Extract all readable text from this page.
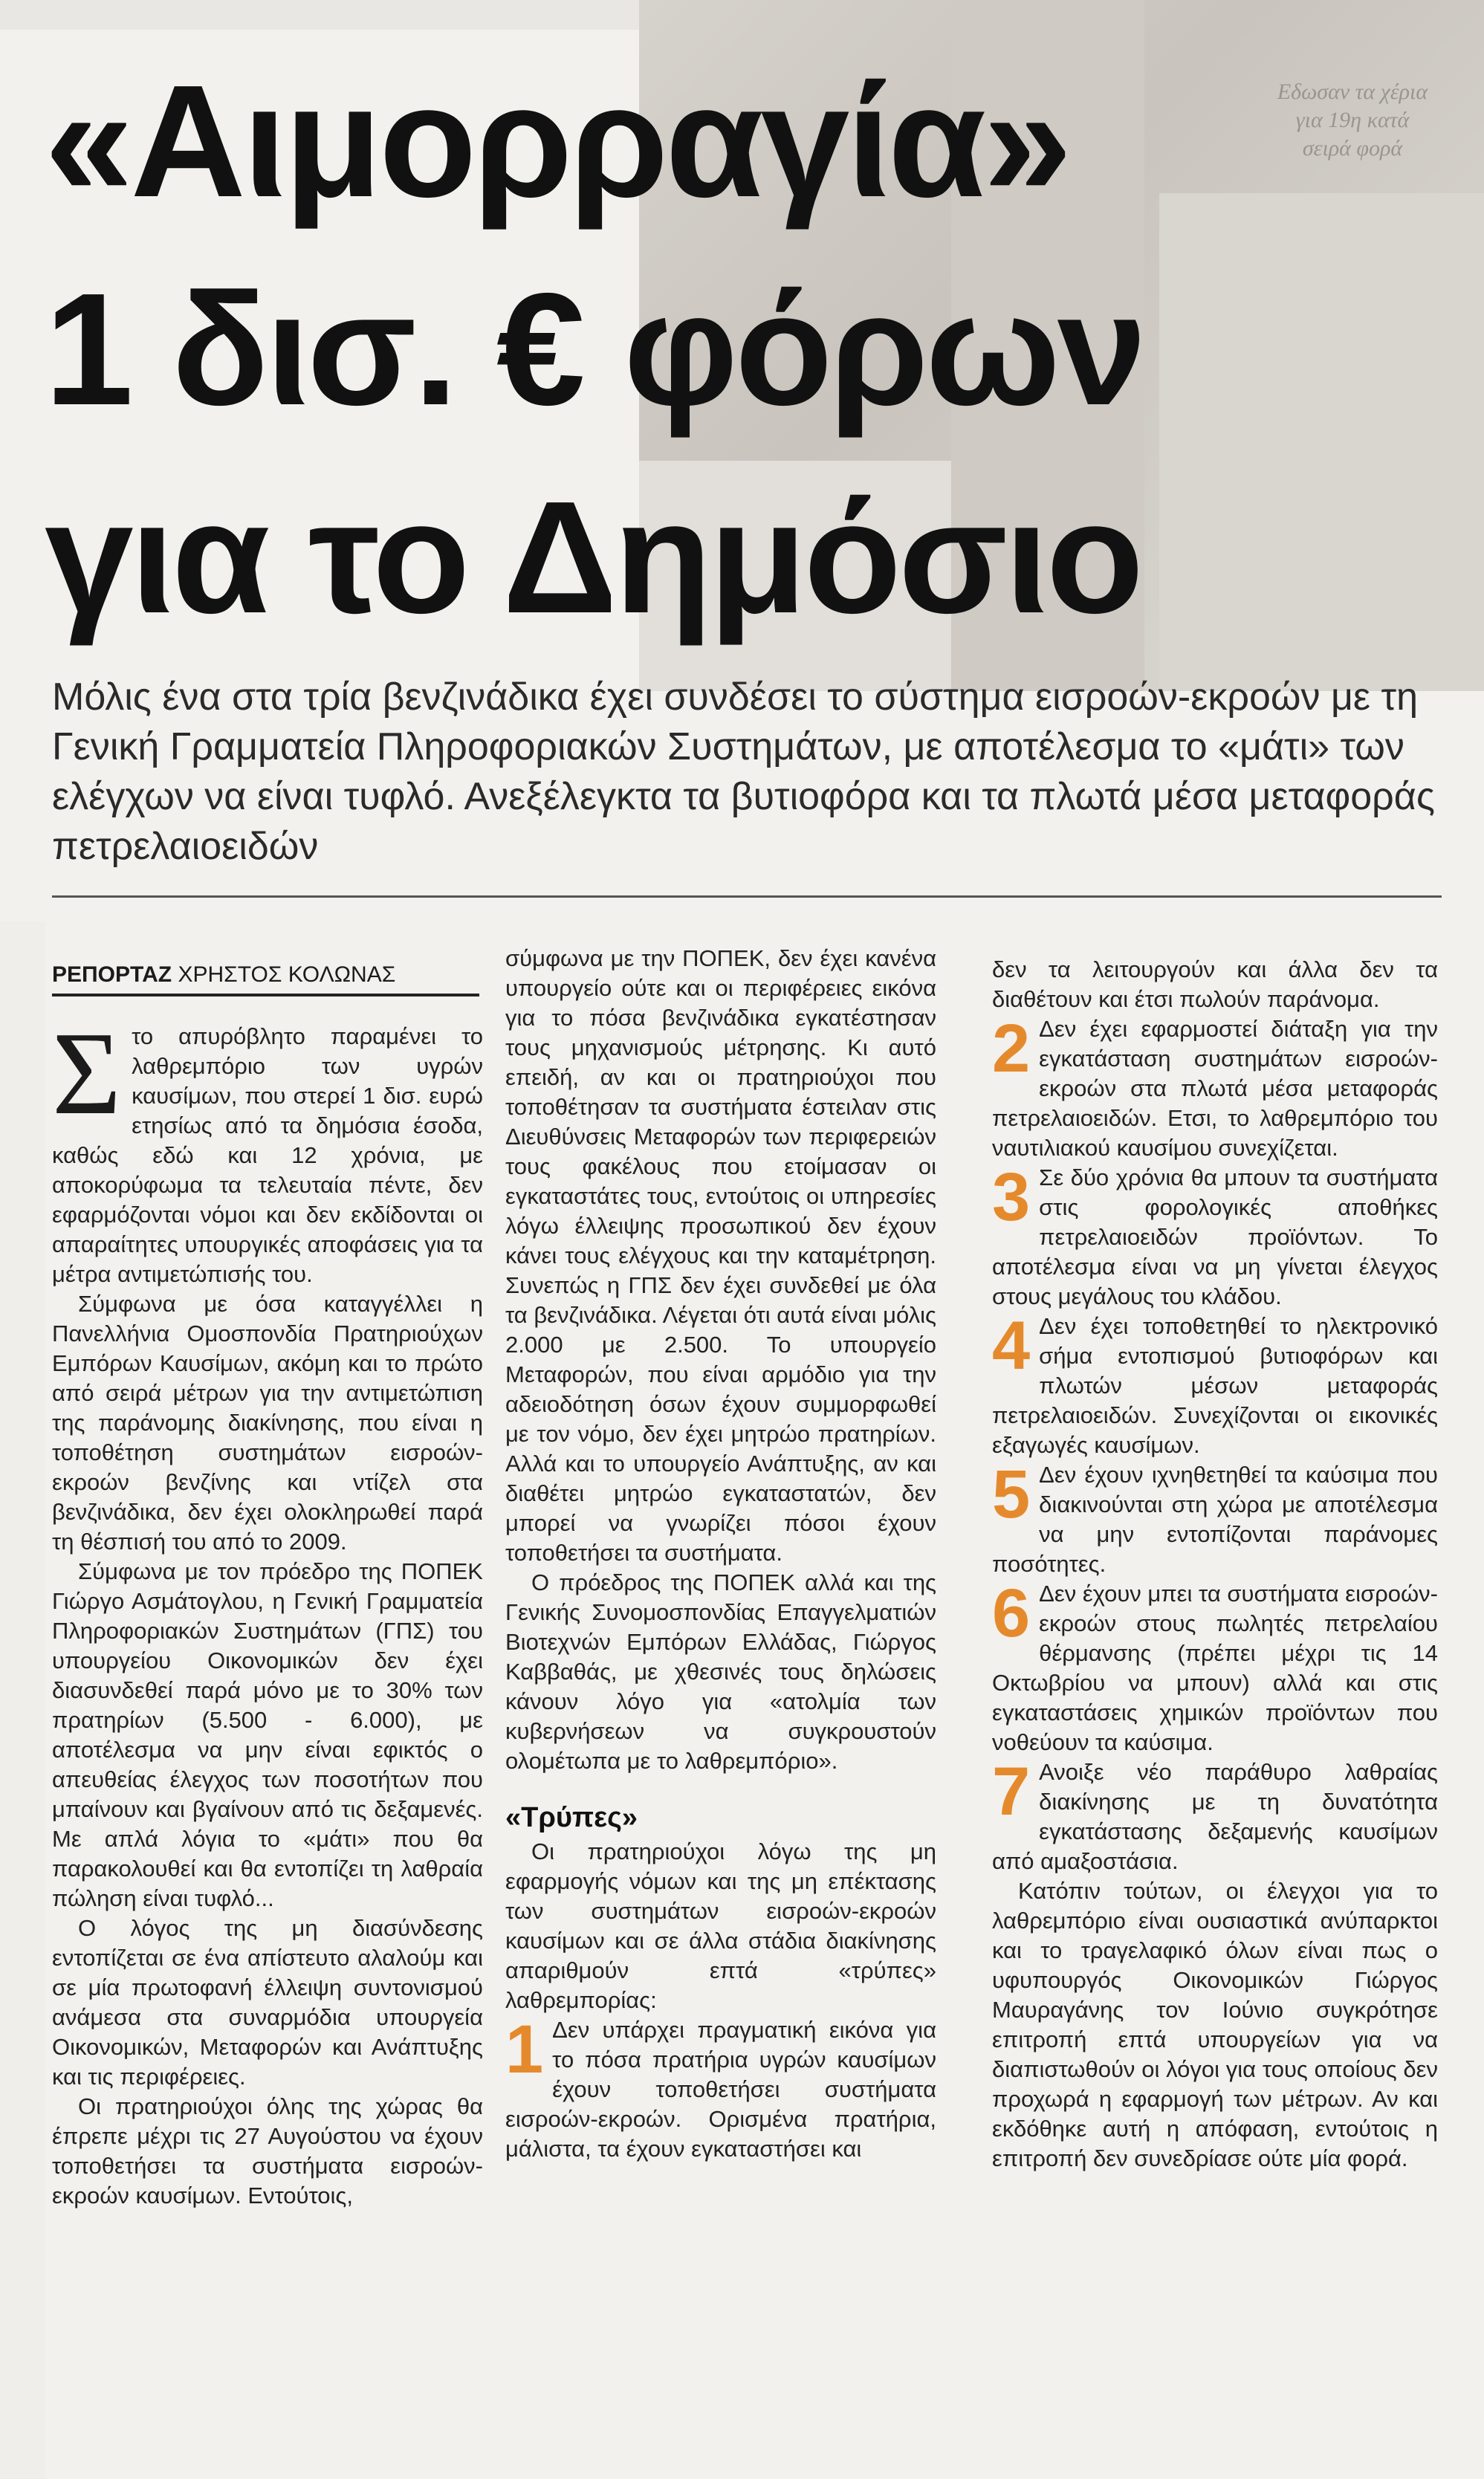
Εδωσαν τα χέρια για 19η κατά σειρά φορά
«Αιμορραγία»
1 δισ. € φόρων
για το Δημόσιο
Μόλις ένα στα τρία βενζινάδικα έχει συνδέσει το σύστημα εισροών-εκροών με τη Γενική Γραμματεία Πληροφοριακών Συστημάτων, με αποτέλεσμα το «μάτι» των ελέγχων να είναι τυφλό. Ανεξέλεγκτα τα βυτιοφόρα και τα πλωτά μέσα μεταφοράς πετρελαιοειδών
ΡΕΠΟΡΤΑΖ ΧΡΗΣΤΟΣ ΚΟΛΩΝΑΣ

Σ το απυρόβλητο παραμένει το λαθρεμπόριο των υγρών καυσίμων, που στερεί 1 δισ. ευρώ ετησίως από τα δημόσια έσοδα, καθώς εδώ και 12 χρόνια, με αποκορύφωμα τα τελευταία πέντε, δεν εφαρμόζονται νόμοι και δεν εκδίδονται οι απαραίτητες υπουργικές αποφάσεις για τα μέτρα αντιμετώπισής του.

Σύμφωνα με όσα καταγγέλλει η Πανελλήνια Ομοσπονδία Πρατηριούχων Εμπόρων Καυσίμων, ακόμη και το πρώτο από σειρά μέτρων για την αντιμετώπιση της παράνομης διακίνησης, που είναι η τοποθέτηση συστημάτων εισροών-εκροών βενζίνης και ντίζελ στα βενζινάδικα, δεν έχει ολοκληρωθεί παρά τη θέσπισή του από το 2009.

Σύμφωνα με τον πρόεδρο της ΠΟΠΕΚ Γιώργο Ασμάτογλου, η Γενική Γραμματεία Πληροφοριακών Συστημάτων (ΓΠΣ) του υπουργείου Οικονομικών δεν έχει διασυνδεθεί παρά μόνο με το 30% των πρατηρίων (5.500 - 6.000), με αποτέλεσμα να μην είναι εφικτός ο απευθείας έλεγχος των ποσοτήτων που μπαίνουν και βγαίνουν από τις δεξαμενές. Με απλά λόγια το «μάτι» που θα παρακολουθεί και θα εντοπίζει τη λαθραία πώληση είναι τυφλό...

Ο λόγος της μη διασύνδεσης εντοπίζεται σε ένα απίστευτο αλαλούμ και σε μία πρωτοφανή έλλειψη συντονισμού ανάμεσα στα συναρμόδια υπουργεία Οικονομικών, Μεταφορών και Ανάπτυξης και τις περιφέρειες.

Οι πρατηριούχοι όλης της χώρας θα έπρεπε μέχρι τις 27 Αυγούστου να έχουν τοποθετήσει τα συστήματα εισροών-εκροών καυσίμων. Εντούτοις,

σύμφωνα με την ΠΟΠΕΚ, δεν έχει κανένα υπουργείο ούτε και οι περιφέρειες εικόνα για το πόσα βενζινάδικα εγκατέστησαν τους μηχανισμούς μέτρησης. Κι αυτό επειδή, αν και οι πρατηριούχοι που τοποθέτησαν τα συστήματα έστειλαν στις Διευθύνσεις Μεταφορών των περιφερειών τους φακέλους που ετοίμασαν οι εγκαταστάτες τους, εντούτοις οι υπηρεσίες λόγω έλλειψης προσωπικού δεν έχουν κάνει τους ελέγχους και την καταμέτρηση. Συνεπώς η ΓΠΣ δεν έχει συνδεθεί με όλα τα βενζινάδικα. Λέγεται ότι αυτά είναι μόλις 2.000 με 2.500. Το υπουργείο Μεταφορών, που είναι αρμόδιο για την αδειοδότηση όσων έχουν συμμορφωθεί με τον νόμο, δεν έχει μητρώο πρατηρίων. Αλλά και το υπουργείο Ανάπτυξης, αν και διαθέτει μητρώο εγκαταστατών, δεν μπορεί να γνωρίζει πόσοι έχουν τοποθετήσει τα συστήματα.

Ο πρόεδρος της ΠΟΠΕΚ αλλά και της Γενικής Συνομοσπονδίας Επαγγελματιών Βιοτεχνών Εμπόρων Ελλάδας, Γιώργος Καββαθάς, με χθεσινές τους δηλώσεις κάνουν λόγο για «ατολμία των κυβερνήσεων να συγκρουστούν ολομέτωπα με το λαθρεμπόριο».

«Τρύπες»

Οι πρατηριούχοι λόγω της μη εφαρμογής νόμων και της μη επέκτασης των συστημάτων εισροών-εκροών καυσίμων και σε άλλα στάδια διακίνησης απαριθμούν επτά «τρύπες» λαθρεμπορίας:

1 Δεν υπάρχει πραγματική εικόνα για το πόσα πρατήρια υγρών καυσίμων έχουν τοποθετήσει συστήματα εισροών-εκροών. Ορισμένα πρατήρια, μάλιστα, τα έχουν εγκαταστήσει και

δεν τα λειτουργούν και άλλα δεν τα διαθέτουν και έτσι πωλούν παράνομα.

2 Δεν έχει εφαρμοστεί διάταξη για την εγκατάσταση συστημάτων εισροών-εκροών στα πλωτά μέσα μεταφοράς πετρελαιοειδών. Ετσι, το λαθρεμπόριο του ναυτιλιακού καυσίμου συνεχίζεται.
3 Σε δύο χρόνια θα μπουν τα συστήματα στις φορολογικές αποθήκες πετρελαιοειδών προϊόντων. Το αποτέλεσμα είναι να μη γίνεται έλεγχος στους μεγάλους του κλάδου.
4 Δεν έχει τοποθετηθεί το ηλεκτρονικό σήμα εντοπισμού βυτιοφόρων και πλωτών μέσων μεταφοράς πετρελαιοειδών. Συνεχίζονται οι εικονικές εξαγωγές καυσίμων.
5 Δεν έχουν ιχνηθετηθεί τα καύσιμα που διακινούνται στη χώρα με αποτέλεσμα να μην εντοπίζονται παράνομες ποσότητες.
6 Δεν έχουν μπει τα συστήματα εισροών-εκροών στους πωλητές πετρελαίου θέρμανσης (πρέπει μέχρι τις 14 Οκτωβρίου να μπουν) αλλά και στις εγκαταστάσεις χημικών προϊόντων που νοθεύουν τα καύσιμα.
7 Ανοιξε νέο παράθυρο λαθραίας διακίνησης με τη δυνατότητα εγκατάστασης δεξαμενής καυσίμων από αμαξοστάσια.

Κατόπιν τούτων, οι έλεγχοι για το λαθρεμπόριο είναι ουσιαστικά ανύπαρκτοι και το τραγελαφικό όλων είναι πως ο υφυπουργός Οικονομικών Γιώργος Μαυραγάνης τον Ιούνιο συγκρότησε επιτροπή επτά υπουργείων για να διαπιστωθούν οι λόγοι για τους οποίους δεν προχωρά η εφαρμογή των μέτρων. Αν και εκδόθηκε αυτή η απόφαση, εντούτοις η επιτροπή δεν συνεδρίασε ούτε μία φορά.
